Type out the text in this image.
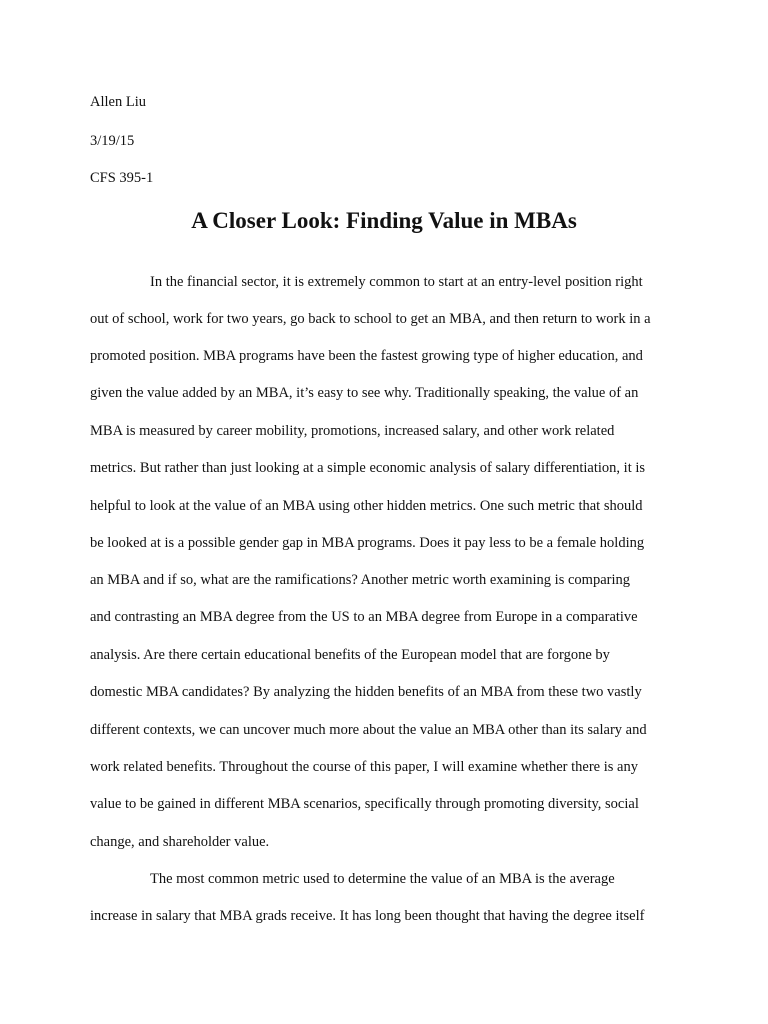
Allen Liu
3/19/15
CFS 395-1
A Closer Look: Finding Value in MBAs
In the financial sector, it is extremely common to start at an entry-level position right
out of school, work for two years, go back to school to get an MBA, and then return to work in a
promoted position. MBA programs have been the fastest growing type of higher education, and
given the value added by an MBA, it’s easy to see why. Traditionally speaking, the value of an
MBA is measured by career mobility, promotions, increased salary, and other work related
metrics. But rather than just looking at a simple economic analysis of salary differentiation, it is
helpful to look at the value of an MBA using other hidden metrics. One such metric that should
be looked at is a possible gender gap in MBA programs. Does it pay less to be a female holding
an MBA and if so, what are the ramifications? Another metric worth examining is comparing
and contrasting an MBA degree from the US to an MBA degree from Europe in a comparative
analysis. Are there certain educational benefits of the European model that are forgone by
domestic MBA candidates? By analyzing the hidden benefits of an MBA from these two vastly
different contexts, we can uncover much more about the value an MBA other than its salary and
work related benefits. Throughout the course of this paper, I will examine whether there is any
value to be gained in different MBA scenarios, specifically through promoting diversity, social
change, and shareholder value.
The most common metric used to determine the value of an MBA is the average
increase in salary that MBA grads receive. It has long been thought that having the degree itself
